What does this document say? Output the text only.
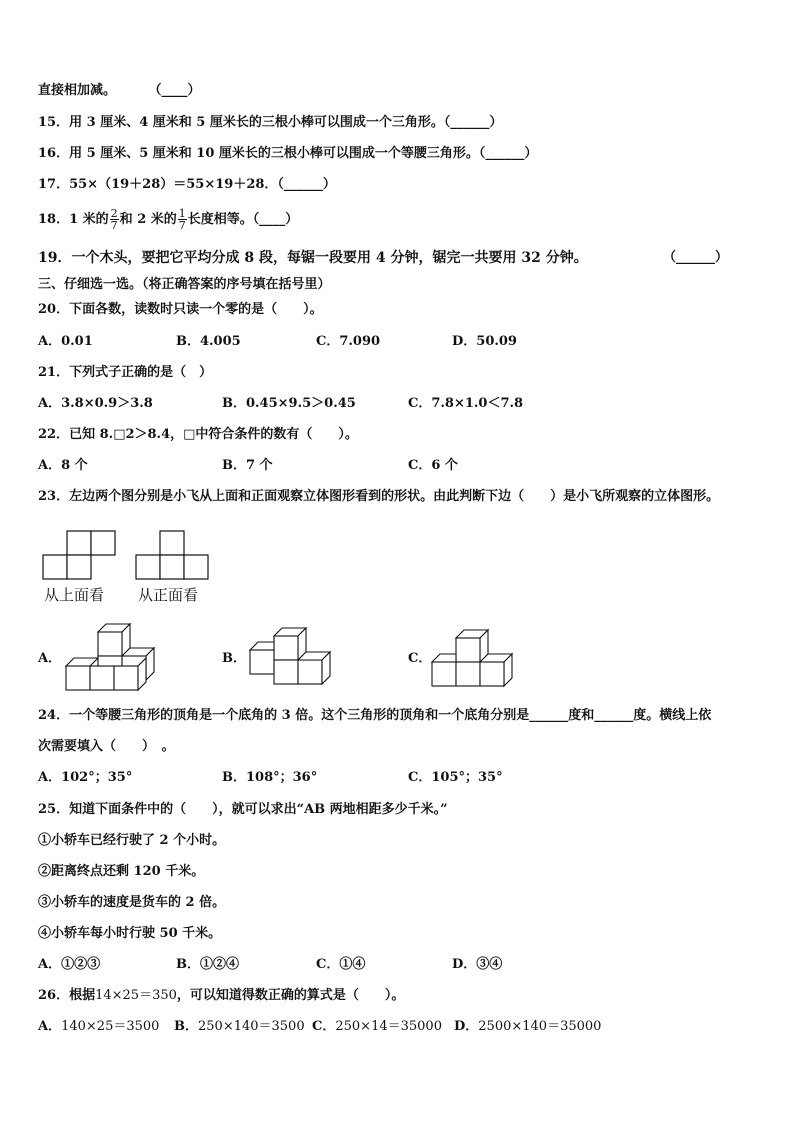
直接相加减。	（____）
15．用 3 厘米、4 厘米和 5 厘米长的三根小棒可以围成一个三角形。（______）
16．用 5 厘米、5 厘米和 10 厘米长的三根小棒可以围成一个等腰三角形。（______）
17．55×（19＋28）＝55×19＋28．（______）
18．1 米的 $\frac{2}{7}$ 和 2 米的 $\frac{1}{7}$ 长度相等。（____）
19．一个木头，要把它平均分成 8 段，每锯一段要用 4 分钟，锯完一共要用 32 分钟。	（______）
三、仔细选一选。（将正确答案的序号填在括号里）
20．下面各数，读数时只读一个零的是（　　）。
A．0.01	B．4.005	C．7.090	D．50.09
21．下列式子正确的是（　）
A．3.8×0.9＞3.8	B．0.45×9.5＞0.45	C．7.8×1.0＜7.8
22．已知 8.□2＞8.4，□中符合条件的数有（　　）。
A．8 个	B．7 个	C．6 个
23．左边两个图分别是小飞从上面和正面观察立体图形看到的形状。由此判断下边（　　）是小飞所观察的立体图形。
从上面看 从正面看
A．	B．	C．
24．一个等腰三角形的顶角是一个底角的 3 倍。这个三角形的顶角和一个底角分别是______度和______度。横线上依
次需要填入（　　）　。
A．102°；35°	B．108°；36°	C．105°；35°
25．知道下面条件中的（　　），就可以求出“AB 两地相距多少千米。”
①小轿车已经行驶了 2 个小时。
②距离终点还剩 120 千米。
③小轿车的速度是货车的 2 倍。
④小轿车每小时行驶 50 千米。
A．①②③	B．①②④	C．①④	D．③④
26．根据14×25＝350，可以知道得数正确的算式是（　　）。
A．140×25＝3500 B．250×140＝3500 C．250×14＝35000 D．2500×140＝35000
